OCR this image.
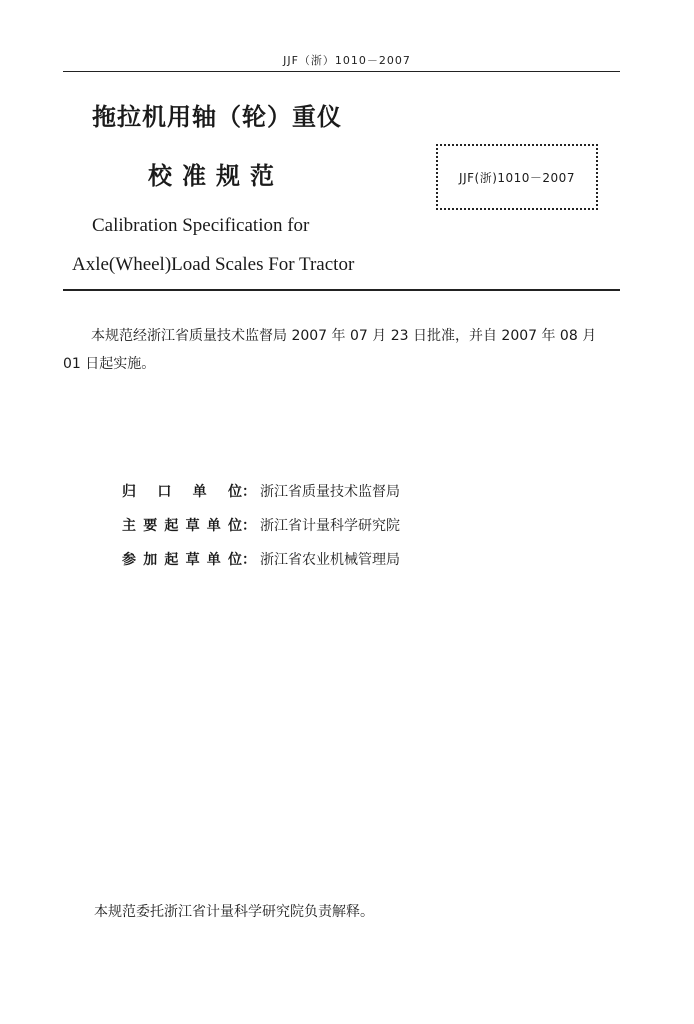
JJF（浙）1010－2007
拖拉机用轴（轮）重仪
校准规范	JJF(浙)1010－2007
Calibration Specification for
Axle(Wheel)Load Scales For Tractor
本规范经浙江省质量技术监督局 2007 年 07 月 23 日批准，并自 2007 年 08 月 01 日起实施。
归口单位 ： 浙江省质量技术监督局
主要起草单位 ： 浙江省计量科学研究院
参加起草单位 ： 浙江省农业机械管理局
本规范委托浙江省计量科学研究院负责解释。
